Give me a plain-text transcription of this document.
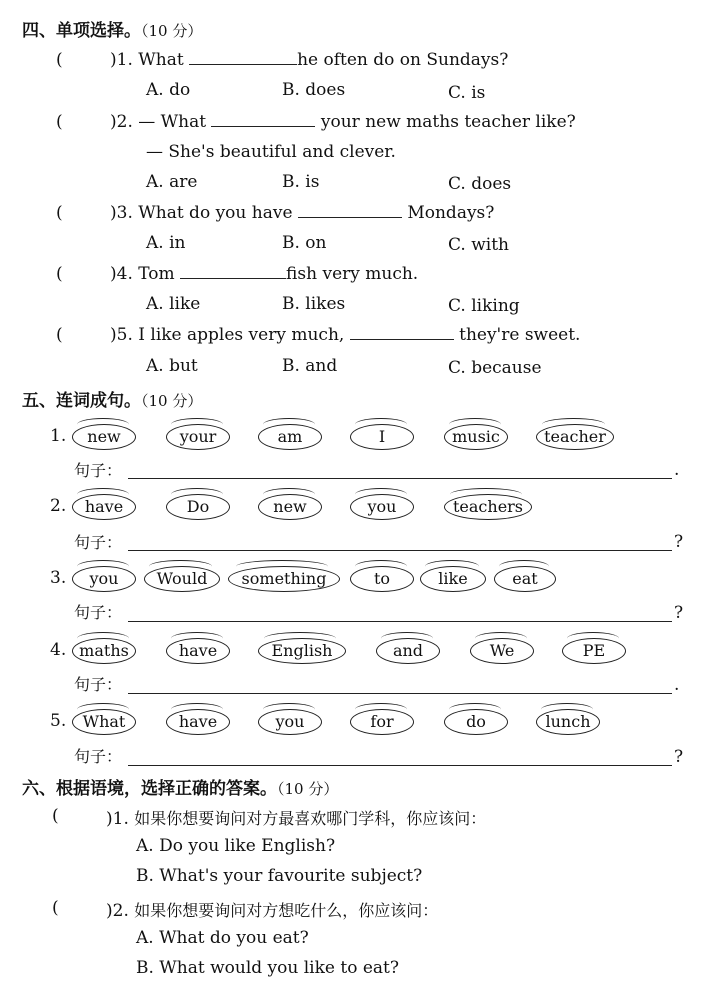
四、单项选择。（10 分）
(	)1. What	he often do on Sundays?
A. do	B. does	C. is
(	)2. — What	your new maths teacher like?
— She's beautiful and clever.
A. are	B. is	C. does
(	)3. What do you have	Mondays?
A. in	B. on	C. with
(	)4. Tom	fish very much.
A. like	B. likes	C. liking
(	)5. I like apples very much,	they're sweet.
A. but	B. and	C. because
五、连词成句。（10 分）
1.	new	your	am	I	music	teacher
句子：	.
2.	have	Do	new	you	teachers
句子：	?
3.	you	Would	something	to	like	eat
句子：	?
4. maths	have	English	and	We	PE
句子：	.
5.	What	have	you	for	do	lunch
句子：	?
六、根据语境，选择正确的答案。（10 分）
(	)1. 如果你想要询问对方最喜欢哪门学科，你应该问：
A. Do you like English?
B. What's your favourite subject?
(	)2. 如果你想要询问对方想吃什么，你应该问：
A. What do you eat?
B. What would you like to eat?
